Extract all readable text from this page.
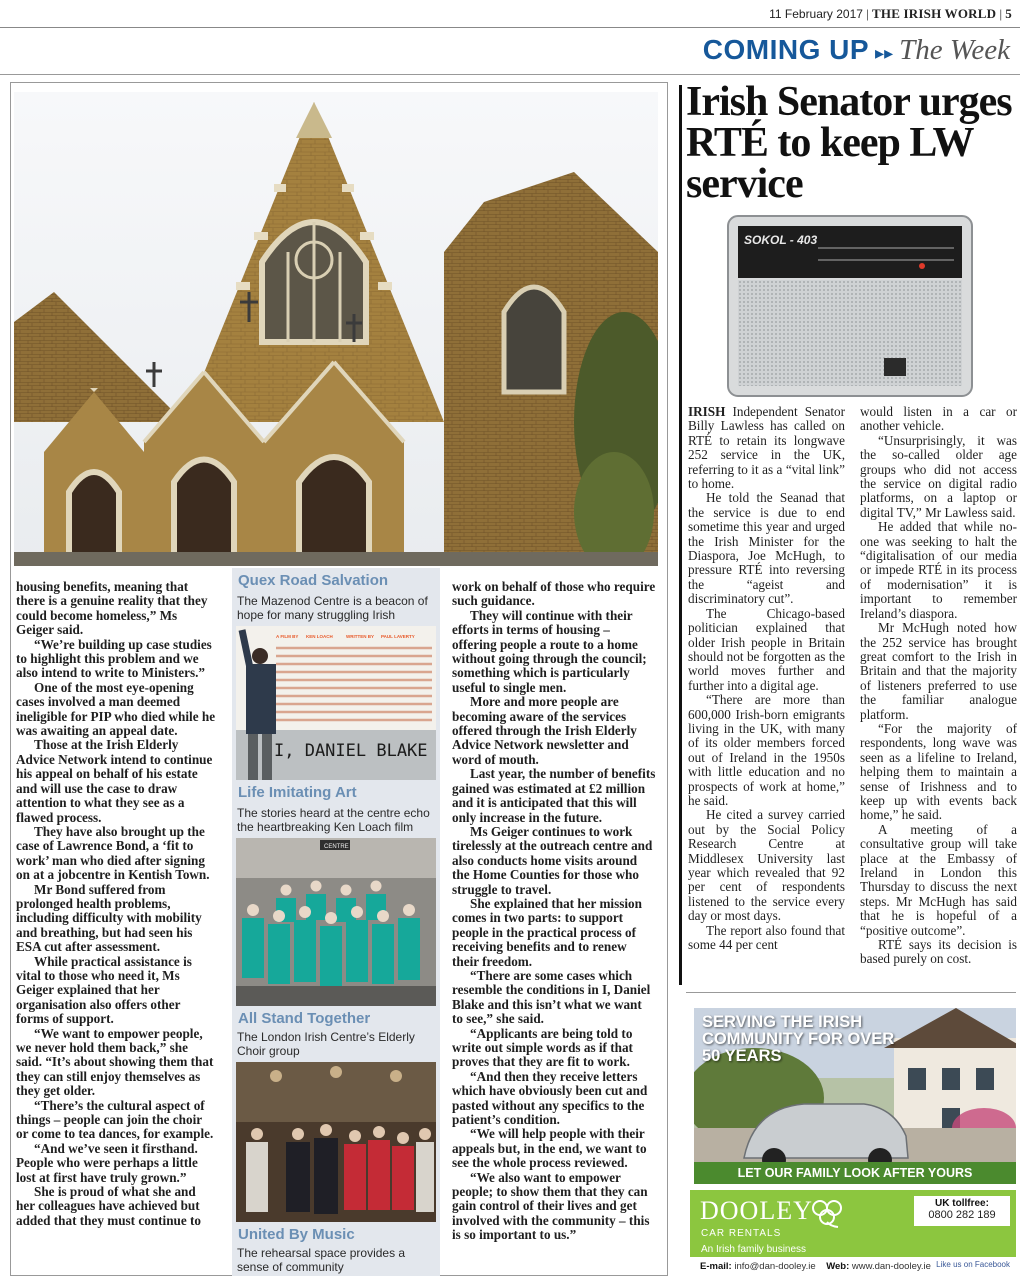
11 February 2017 | THE IRISH WORLD | 5
COMING UP ▸▸ The Week

housing benefits, meaning that there is a genuine reality that they could become homeless,” Ms Geiger said.

“We’re building up case studies to highlight this problem and we also intend to write to Ministers.”

One of the most eye-opening cases involved a man deemed ineligible for PIP who died while he was awaiting an appeal date.

Those at the Irish Elderly Advice Network intend to continue his appeal on behalf of his estate and will use the case to draw attention to what they see as a flawed process.

They have also brought up the case of Lawrence Bond, a ‘fit to work’ man who died after signing on at a jobcentre in Kentish Town.

Mr Bond suffered from prolonged health problems, including difficulty with mobility and breathing, but had seen his ESA cut after assessment.

While practical assistance is vital to those who need it, Ms Geiger explained that her organisation also offers other forms of support.

“We want to empower people, we never hold them back,” she said. “It’s about showing them that they can still enjoy themselves as they get older.

“There’s the cultural aspect of things – people can join the choir or come to tea dances, for example.

“And we’ve seen it firsthand. People who were perhaps a little lost at first have truly grown.”

She is proud of what she and her colleagues have achieved but added that they must continue to

Quex Road Salvation
The Mazenod Centre is a beacon of hope for many struggling Irish
A FILM BY KEN LOACH	WRITTEN BY PAUL LAVERTY
I, DANIEL BLAKE
Life Imitating Art
The stories heard at the centre echo the heartbreaking Ken Loach film
CENTRE
All Stand Together
The London Irish Centre’s Elderly Choir group
United By Music
The rehearsal space provides a sense of community

work on behalf of those who require such guidance.

They will continue with their efforts in terms of housing – offering people a route to a home without going through the council; something which is particularly useful to single men.

More and more people are becoming aware of the services offered through the Irish Elderly Advice Network newsletter and word of mouth.

Last year, the number of benefits gained was estimated at £2 million and it is anticipated that this will only increase in the future.

Ms Geiger continues to work tirelessly at the outreach centre and also conducts home visits around the Home Counties for those who struggle to travel.

She explained that her mission comes in two parts: to support people in the practical process of receiving benefits and to renew their freedom.

“There are some cases which resemble the conditions in I, Daniel Blake and this isn’t what we want to see,” she said.

“Applicants are being told to write out simple words as if that proves that they are fit to work.

“And then they receive letters which have obviously been cut and pasted without any specifics to the patient’s condition.

“We will help people with their appeals but, in the end, we want to see the whole process reviewed.

“We also want to empower people; to show them that they can gain control of their lives and get involved with the community – this is so important to us.”

Irish Senator urges RTÉ to keep LW service
SOKOL - 403

IRISH Independent Senator Billy Lawless has called on RTÉ to retain its longwave 252 service in the UK, referring to it as a “vital link” to home.

He told the Seanad that the service is due to end sometime this year and urged the Irish Minister for the Diaspora, Joe McHugh, to pressure RTÉ into reversing the “ageist and discriminatory cut”.

The Chicago-based politician explained that older Irish people in Britain should not be forgotten as the world moves further and further into a digital age.

“There are more than 600,000 Irish-born emigrants living in the UK, with many of its older members forced out of Ireland in the 1950s with little education and no prospects of work at home,” he said.

He cited a survey carried out by the Social Policy Research Centre at Middlesex University last year which revealed that 92 per cent of respondents listened to the service every day or most days.

The report also found that some 44 per cent

would listen in a car or another vehicle.

“Unsurprisingly, it was the so-called older age groups who did not access the service on digital radio platforms, on a laptop or digital TV,” Mr Lawless said.

He added that while no-one was seeking to halt the “digitalisation of our media or impede RTÉ in its process of modernisation” it is important to remember Ireland’s diaspora.

Mr McHugh noted how the 252 service has brought great comfort to the Irish in Britain and that the majority of listeners preferred to use the familiar analogue platform.

“For the majority of respondents, long wave was seen as a lifeline to Ireland, helping them to maintain a sense of Irishness and to keep up with events back home,” he said.

A meeting of a consultative group will take place at the Embassy of Ireland in London this Thursday to discuss the next steps. Mr McHugh has said that he is hopeful of a “positive outcome”.

RTÉ says its decision is based purely on cost.

SERVING THE IRISH COMMUNITY FOR OVER 50 YEARS
LET OUR FAMILY LOOK AFTER YOURS
DOOLEY
CAR RENTALS
An Irish family business
UK tollfree:
0800 282 189
E-mail: info@dan-dooley.ie Web: www.dan-dooley.ie Like us on Facebook
